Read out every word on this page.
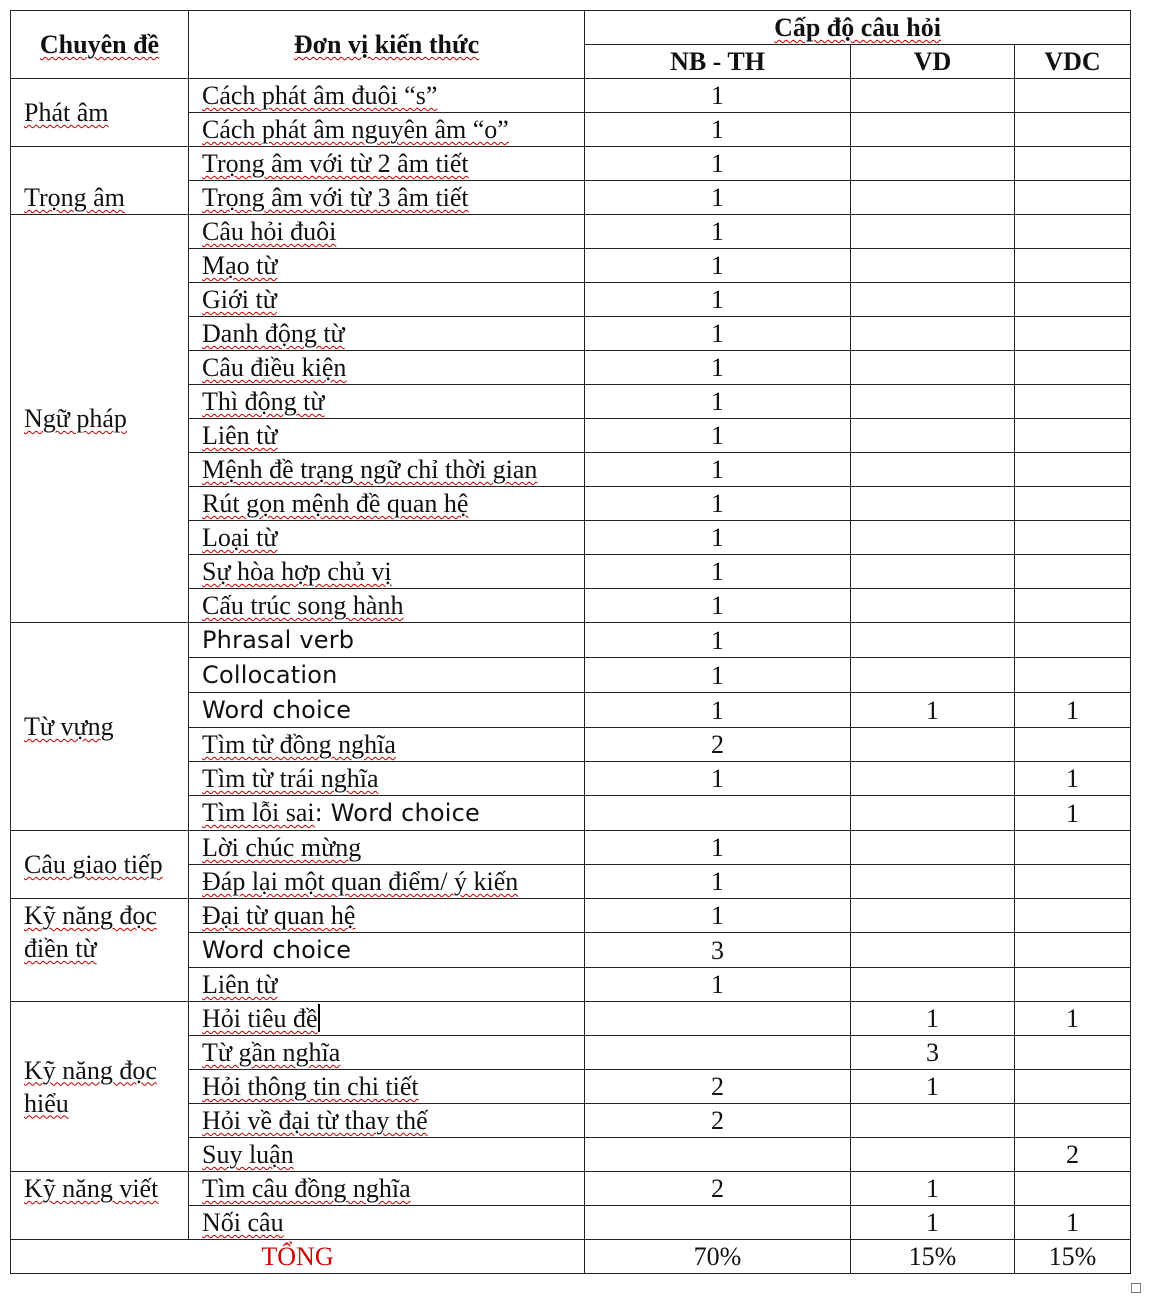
Chuyên đề	Đơn vị kiến thức	Cấp độ câu hỏi		
		NB - TH	VD	VDC
Phát âm	Cách phát âm đuôi “s”	1		
	Cách phát âm nguyên âm “o”	1		
Trọng âm	Trọng âm với từ 2 âm tiết	1		
	Trọng âm với từ 3 âm tiết	1		
Ngữ pháp	Câu hỏi đuôi	1		
	Mạo từ	1		
	Giới từ	1		
	Danh động từ	1		
	Câu điều kiện	1		
	Thì động từ	1		
	Liên từ	1		
	Mệnh đề trạng ngữ chỉ thời gian	1		
	Rút gọn mệnh đề quan hệ	1		
	Loại từ	1		
	Sự hòa hợp chủ vị	1		
	Cấu trúc song hành	1		
Từ vựng	Phrasal verb	1		
	Collocation	1		
	Word choice	1	1	1
	Tìm từ đồng nghĩa	2		
	Tìm từ trái nghĩa	1		1
	Tìm lỗi sai: Word choice			1
Câu giao tiếp	Lời chúc mừng	1		
	Đáp lại một quan điểm/ ý kiến	1		
Kỹ năng đọc điền từ	Đại từ quan hệ	1		
	Word choice	3		
	Liên từ	1		
Kỹ năng đọc hiểu	Hỏi tiêu đề		1	1
	Từ gần nghĩa		3	
	Hỏi thông tin chi tiết	2	1	
	Hỏi về đại từ thay thế	2		
	Suy luận			2
Kỹ năng viết	Tìm câu đồng nghĩa	2	1	
	Nối câu		1	1
TỔNG		70%	15%	15%
